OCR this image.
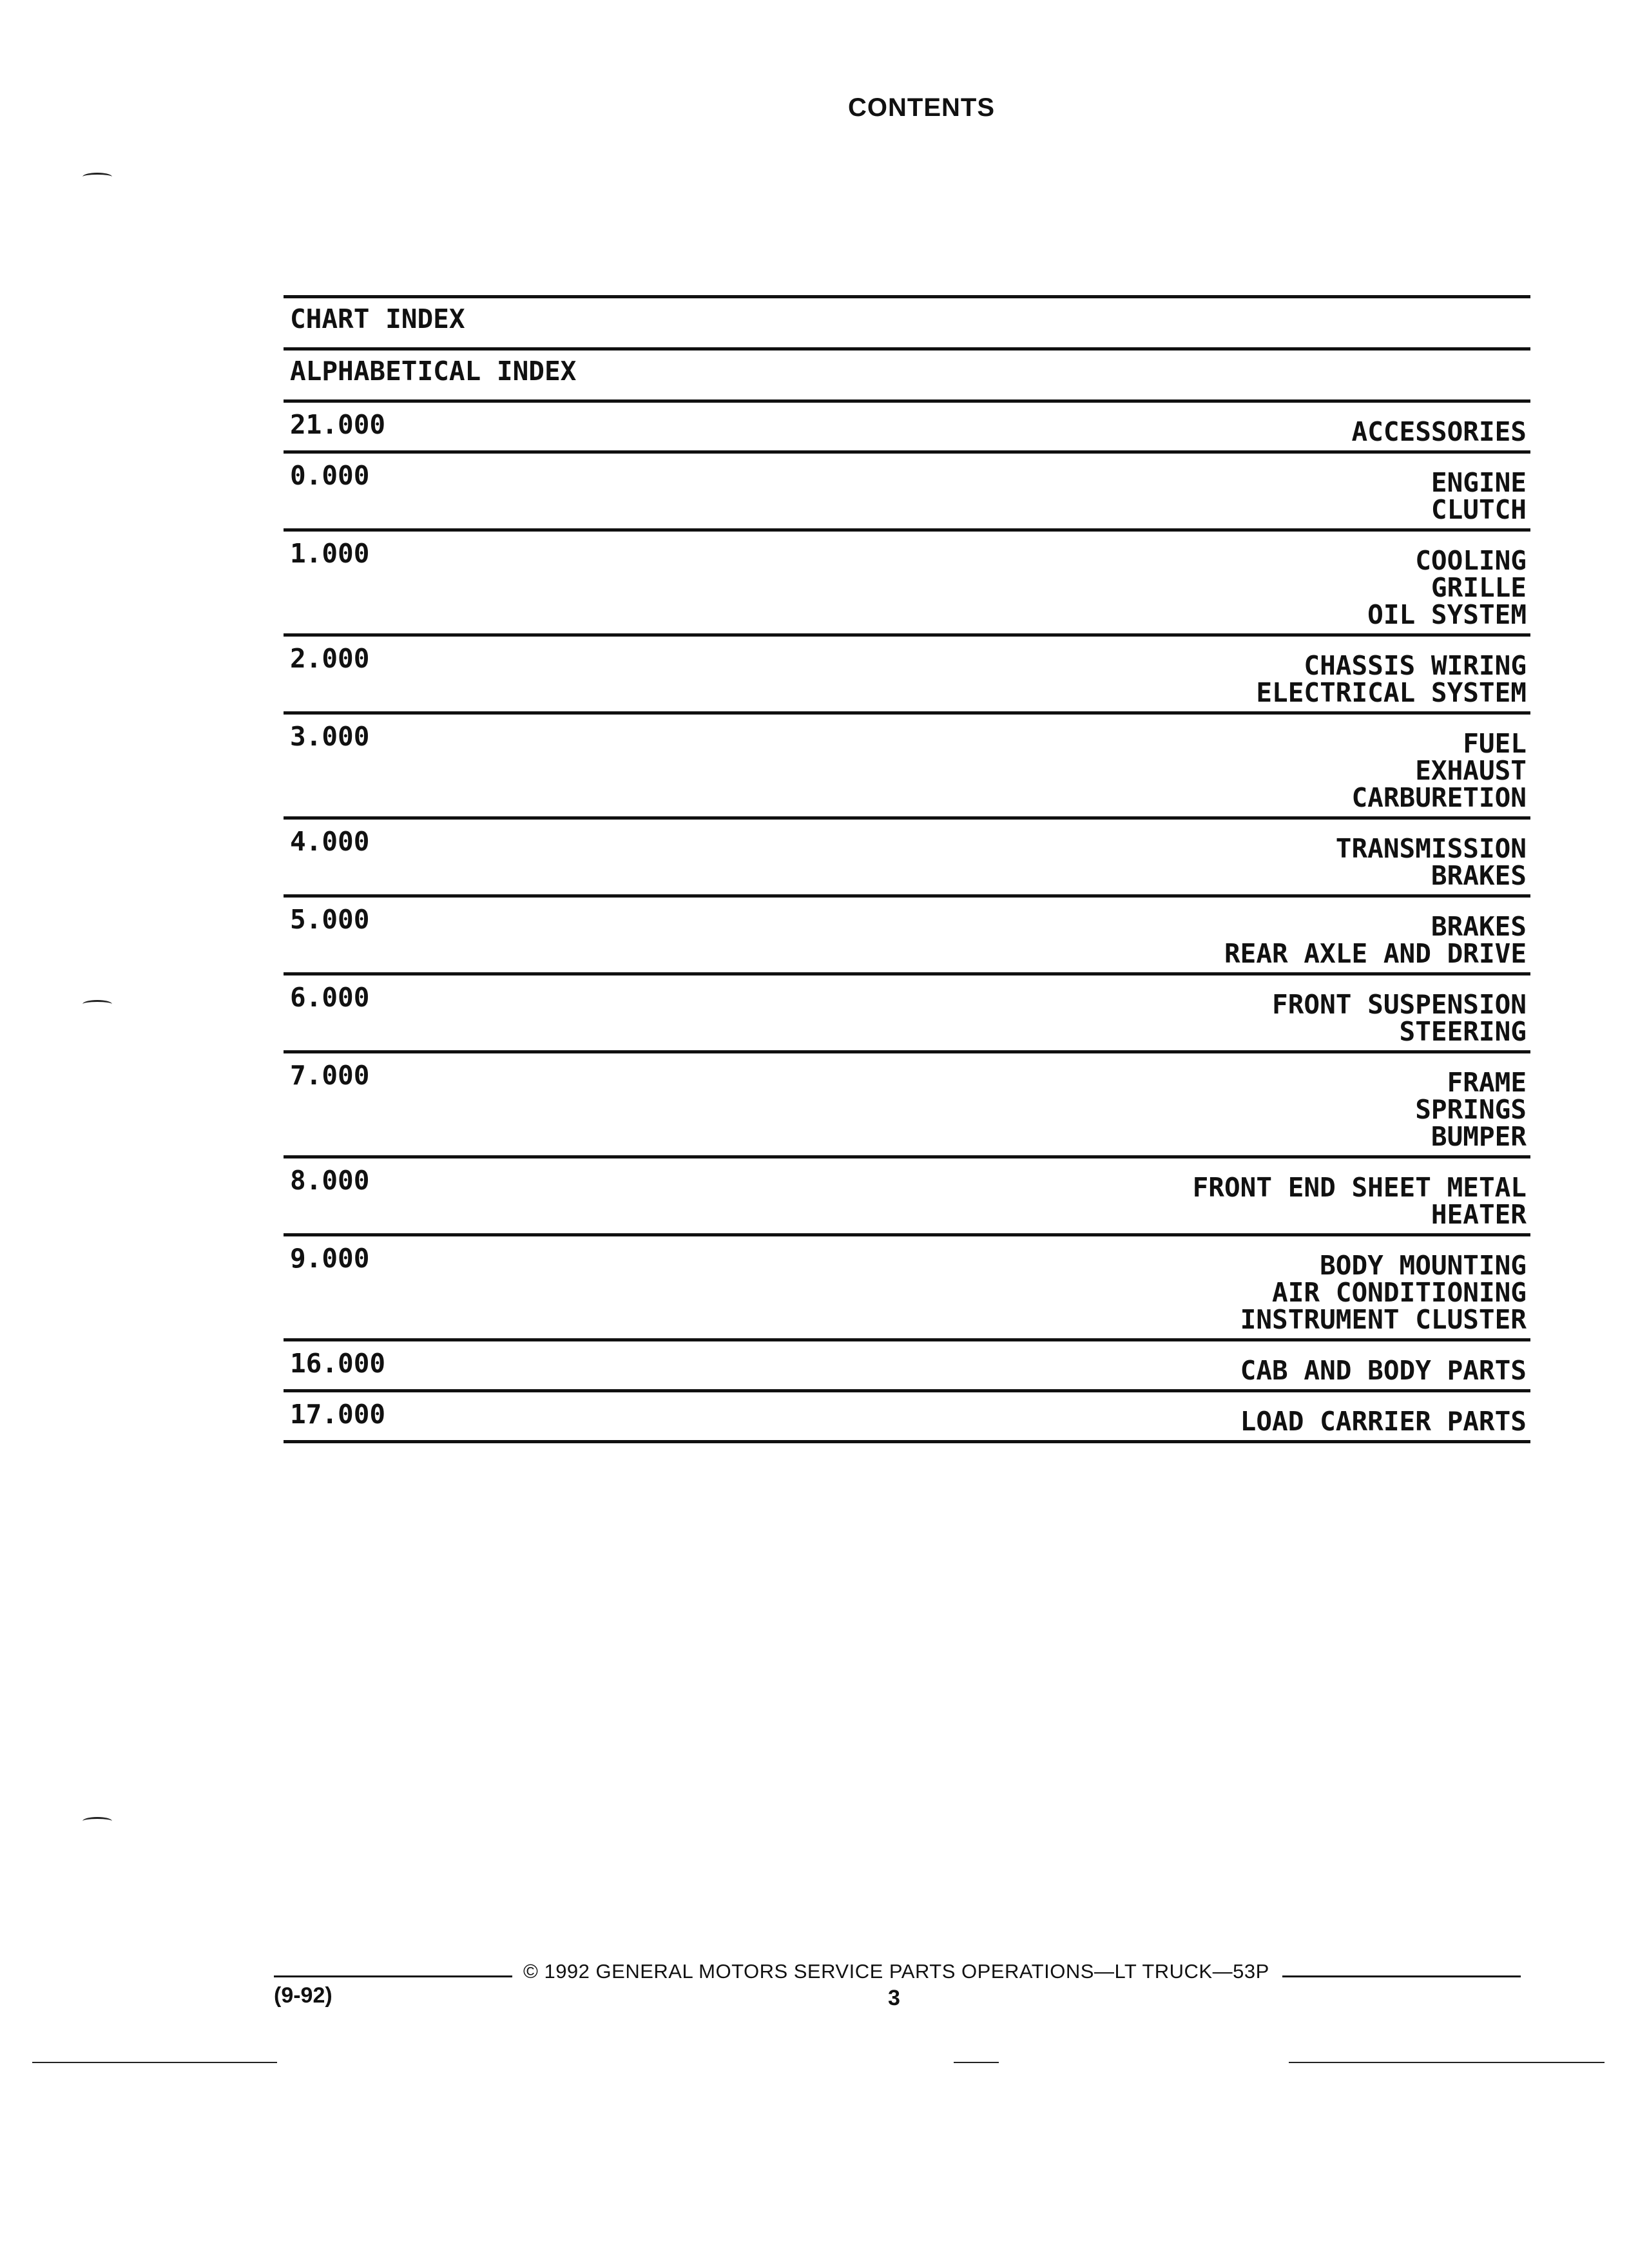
CONTENTS
CHART INDEX
ALPHABETICAL INDEX
21.000	ACCESSORIES
0.000	ENGINE
CLUTCH
1.000	COOLING
GRILLE
OIL SYSTEM
2.000	CHASSIS WIRING
ELECTRICAL SYSTEM
3.000	FUEL
EXHAUST
CARBURETION
4.000	TRANSMISSION
BRAKES
5.000	BRAKES
REAR AXLE AND DRIVE
6.000	FRONT SUSPENSION
STEERING
7.000	FRAME
SPRINGS
BUMPER
8.000	FRONT END SHEET METAL
HEATER
9.000	BODY MOUNTING
AIR CONDITIONING
INSTRUMENT CLUSTER
16.000	CAB AND BODY PARTS
17.000	LOAD CARRIER PARTS
© 1992 GENERAL MOTORS SERVICE PARTS OPERATIONS—LT TRUCK—53P
(9-92)	3
